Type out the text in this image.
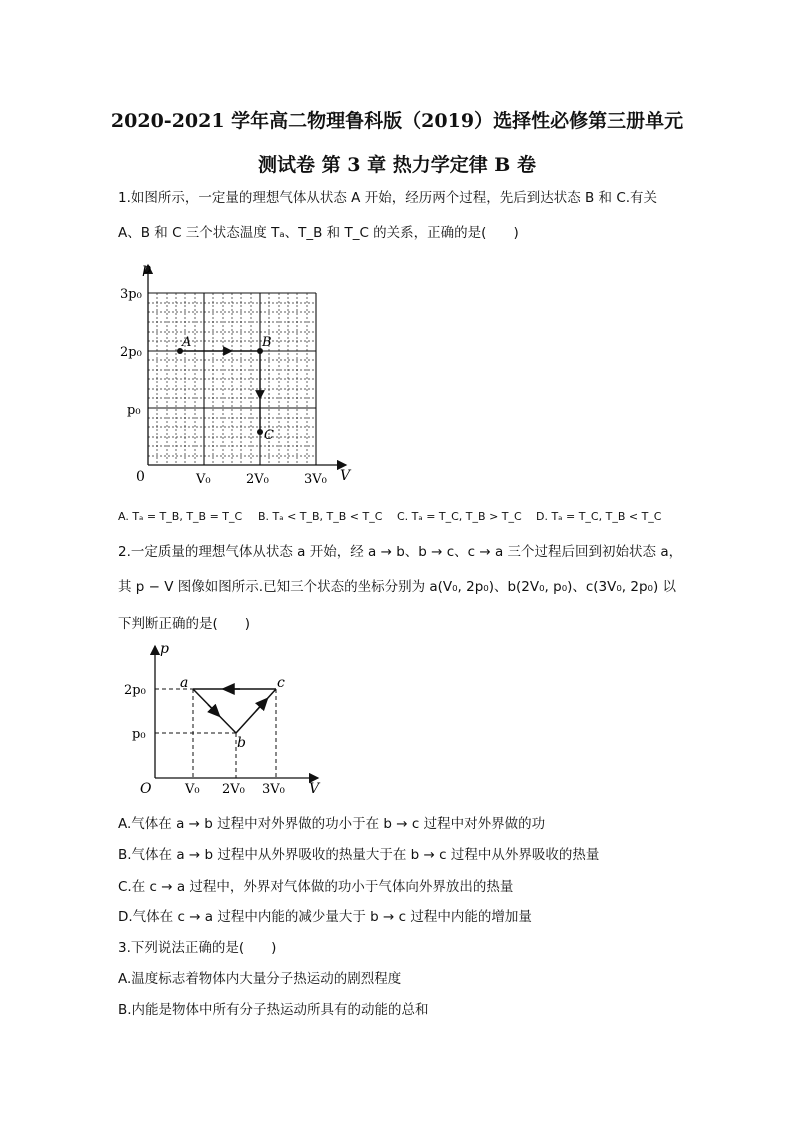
2020-2021 学年高二物理鲁科版（2019）选择性必修第三册单元
测试卷 第 3 章 热力学定律 B 卷
1.如图所示，一定量的理想气体从状态 A 开始，经历两个过程，先后到达状态 B 和 C.有关
A、B 和 C 三个状态温度 Tₐ、T_B 和 T_C 的关系，正确的是(　　)
p
V
0
3p₀
2p₀
p₀
V₀	2V₀	3V₀
A	B
C
A. Tₐ = T_B, T_B = T_C B. Tₐ < T_B, T_B < T_C C. Tₐ = T_C, T_B > T_C D. Tₐ = T_C, T_B < T_C
2.一定质量的理想气体从状态 a 开始，经 a → b、b → c、c → a 三个过程后回到初始状态 a，
其 p − V 图像如图所示.已知三个状态的坐标分别为 a(V₀, 2p₀)、b(2V₀, p₀)、c(3V₀, 2p₀) 以
下判断正确的是(　　)
p
V
O
2p₀
p₀
V₀ 2V₀ 3V₀
a
b
c
A.气体在 a → b 过程中对外界做的功小于在 b → c 过程中对外界做的功
B.气体在 a → b 过程中从外界吸收的热量大于在 b → c 过程中从外界吸收的热量
C.在 c → a 过程中，外界对气体做的功小于气体向外界放出的热量
D.气体在 c → a 过程中内能的减少量大于 b → c 过程中内能的增加量
3.下列说法正确的是(　　)
A.温度标志着物体内大量分子热运动的剧烈程度
B.内能是物体中所有分子热运动所具有的动能的总和
